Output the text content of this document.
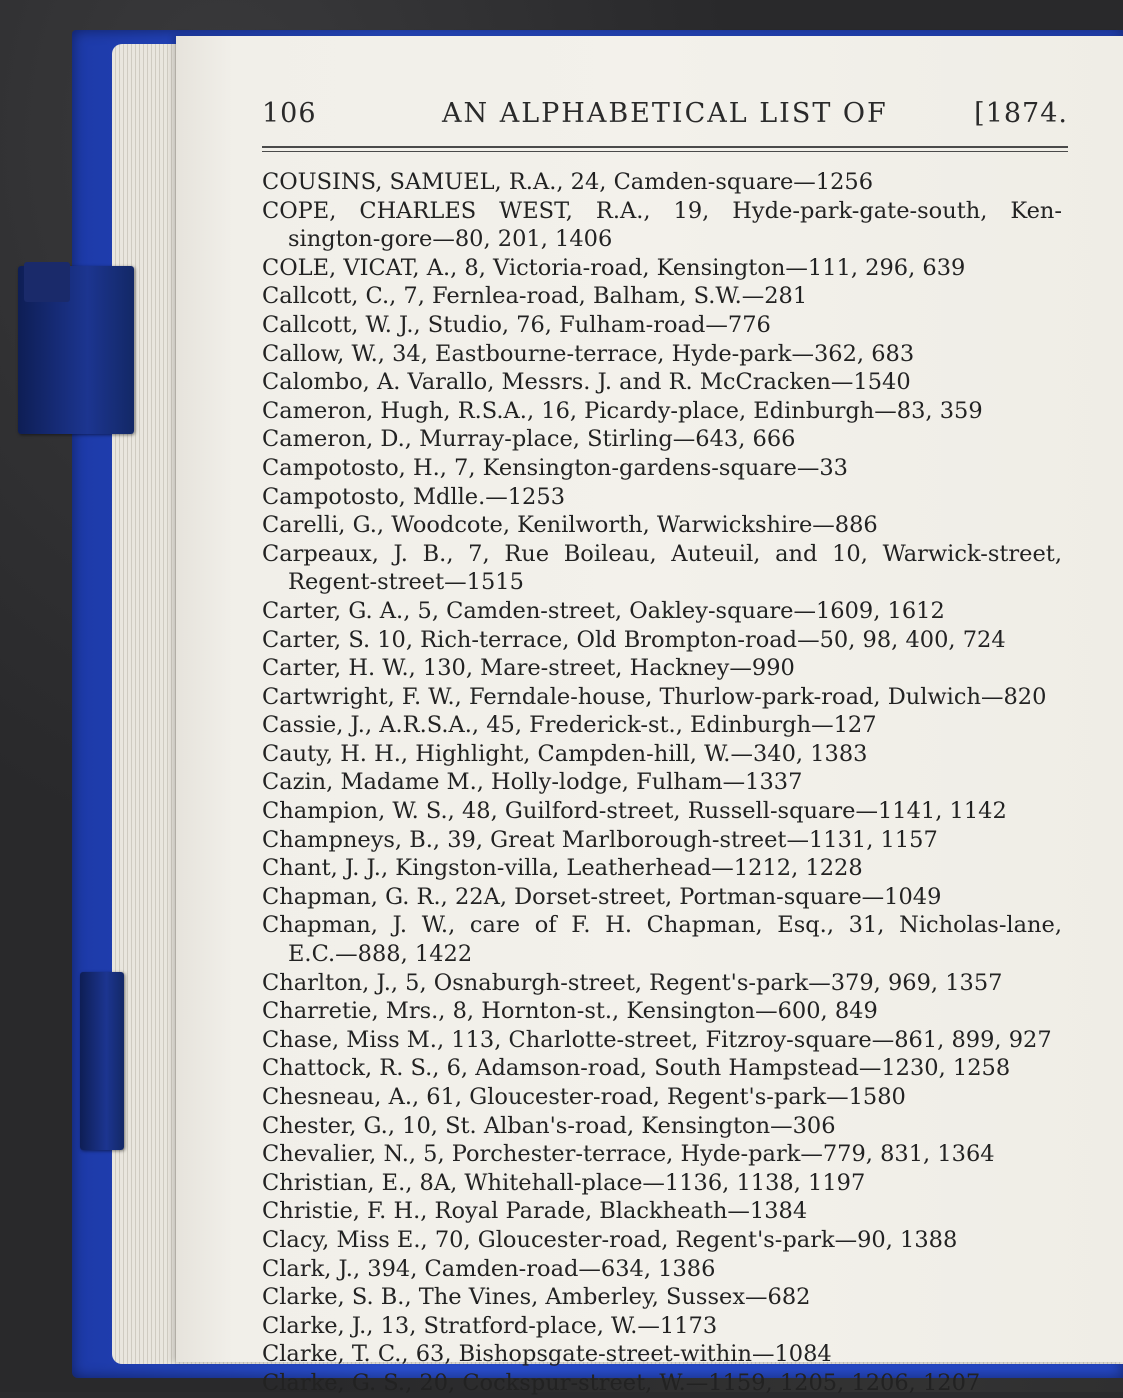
106	AN ALPHABETICAL LIST OF	[1874.
COUSINS, SAMUEL, R.A., 24, Camden-square—1256
COPE, CHARLES WEST, R.A., 19, Hyde-park-gate-south, Ken-
sington-gore—80, 201, 1406
COLE, VICAT, A., 8, Victoria-road, Kensington—111, 296, 639
Callcott, C., 7, Fernlea-road, Balham, S.W.—281
Callcott, W. J., Studio, 76, Fulham-road—776
Callow, W., 34, Eastbourne-terrace, Hyde-park—362, 683
Calombo, A. Varallo, Messrs. J. and R. McCracken—1540
Cameron, Hugh, R.S.A., 16, Picardy-place, Edinburgh—83, 359
Cameron, D., Murray-place, Stirling—643, 666
Campotosto, H., 7, Kensington-gardens-square—33
Campotosto, Mdlle.—1253
Carelli, G., Woodcote, Kenilworth, Warwickshire—886
Carpeaux, J. B., 7, Rue Boileau, Auteuil, and 10, Warwick-street,
Regent-street—1515
Carter, G. A., 5, Camden-street, Oakley-square—1609, 1612
Carter, S. 10, Rich-terrace, Old Brompton-road—50, 98, 400, 724
Carter, H. W., 130, Mare-street, Hackney—990
Cartwright, F. W., Ferndale-house, Thurlow-park-road, Dulwich—820
Cassie, J., A.R.S.A., 45, Frederick-st., Edinburgh—127
Cauty, H. H., Highlight, Campden-hill, W.—340, 1383
Cazin, Madame M., Holly-lodge, Fulham—1337
Champion, W. S., 48, Guilford-street, Russell-square—1141, 1142
Champneys, B., 39, Great Marlborough-street—1131, 1157
Chant, J. J., Kingston-villa, Leatherhead—1212, 1228
Chapman, G. R., 22A, Dorset-street, Portman-square—1049
Chapman, J. W., care of F. H. Chapman, Esq., 31, Nicholas-lane,
E.C.—888, 1422
Charlton, J., 5, Osnaburgh-street, Regent's-park—379, 969, 1357
Charretie, Mrs., 8, Hornton-st., Kensington—600, 849
Chase, Miss M., 113, Charlotte-street, Fitzroy-square—861, 899, 927
Chattock, R. S., 6, Adamson-road, South Hampstead—1230, 1258
Chesneau, A., 61, Gloucester-road, Regent's-park—1580
Chester, G., 10, St. Alban's-road, Kensington—306
Chevalier, N., 5, Porchester-terrace, Hyde-park—779, 831, 1364
Christian, E., 8A, Whitehall-place—1136, 1138, 1197
Christie, F. H., Royal Parade, Blackheath—1384
Clacy, Miss E., 70, Gloucester-road, Regent's-park—90, 1388
Clark, J., 394, Camden-road—634, 1386
Clarke, S. B., The Vines, Amberley, Sussex—682
Clarke, J., 13, Stratford-place, W.—1173
Clarke, T. C., 63, Bishopsgate-street-within—1084
Clarke, G. S., 20, Cockspur-street, W.—1159, 1205, 1206, 1207
